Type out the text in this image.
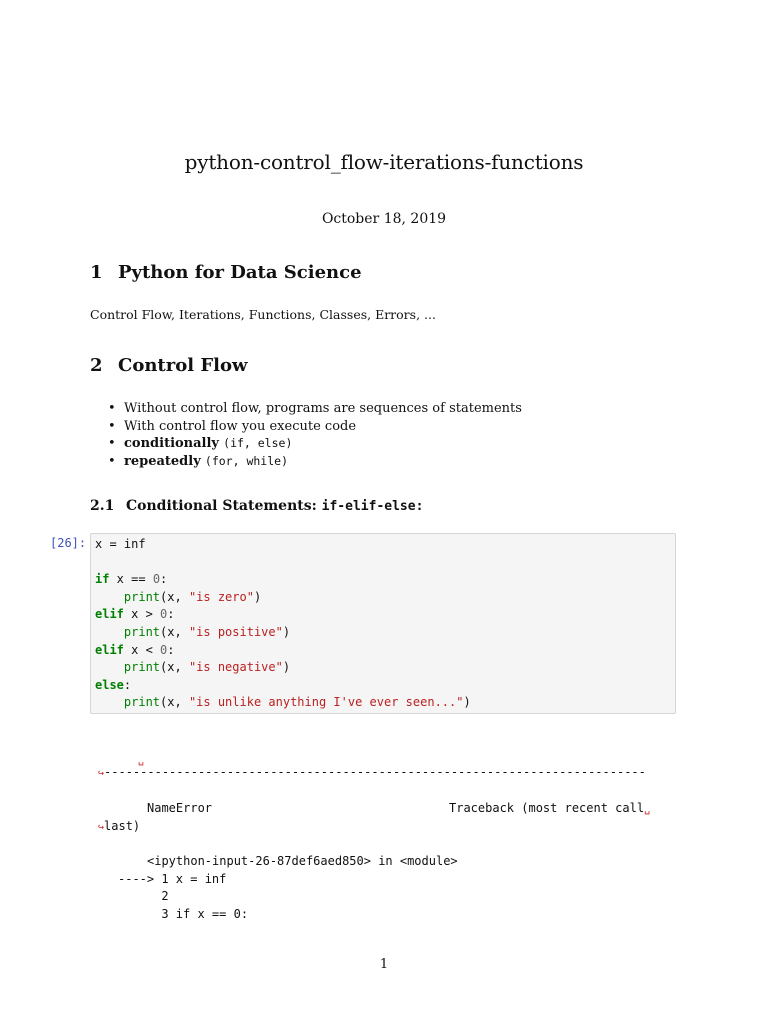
python-control_flow-iterations-functions
October 18, 2019
1 Python for Data Science
Control Flow, Iterations, Functions, Classes, Errors, ...
2 Control Flow
• Without control flow, programs are sequences of statements
• With control flow you execute code
• conditionally (if, else)
• repeatedly (for, while)
2.1 Conditional Statements: if-elif-else:
[26]: x = inf

if x == 0:
print(x, "is zero")
elif x > 0:
print(x, "is positive")
elif x < 0:
print(x, "is negative")
else:
print(x, "is unlike anything I've ever seen...")
␣
↪---------------------------------------------------------------------------
NameError	Traceback (most recent call␣
↪last)
<ipython-input-26-87def6aed850> in <module>
----> 1 x = inf
2
3 if x == 0:
1
